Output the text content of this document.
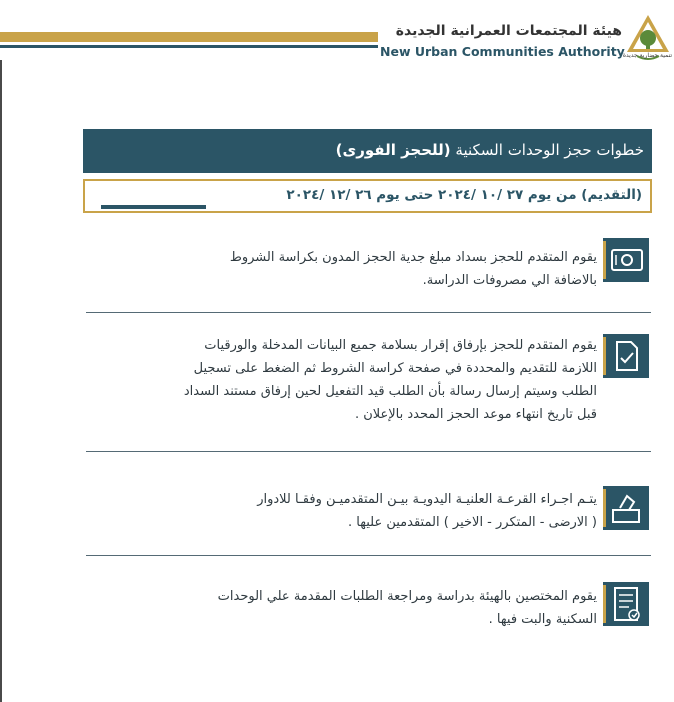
هيئة المجتمعات العمرانية الجديدة
New Urban Communities Authority
تنمية حضارية جديدة
خطوات حجز الوحدات السكنية (للحجز الفورى)
(التقديم) من يوم ٢٧ /١٠ /٢٠٢٤ حتى يوم ٢٦ /١٢ /٢٠٢٤
يقوم المتقدم للحجز بسداد مبلغ جدية الحجز المدون بكراسة الشروط
بالاضافة الي مصروفات الدراسة.
يقوم المتقدم للحجز بإرفاق إقرار بسلامة جميع البيانات المدخلة والورقيات
اللازمة للتقديم والمحددة في صفحة كراسة الشروط ثم الضغط على تسجيل
الطلب وسيتم إرسال رسالة بأن الطلب قيد التفعيل لحين إرفاق مستند السداد
قبل تاريخ انتهاء موعد الحجز المحدد بالإعلان .
يتـم اجـراء القرعـة العلنيـة اليدويـة بيـن المتقدميـن وفقـا للادوار
( الارضى - المتكرر - الاخير ) المتقدمين عليها .
يقوم المختصين بالهيئة بدراسة ومراجعة الطلبات المقدمة علي الوحدات
السكنية والبت فيها .
